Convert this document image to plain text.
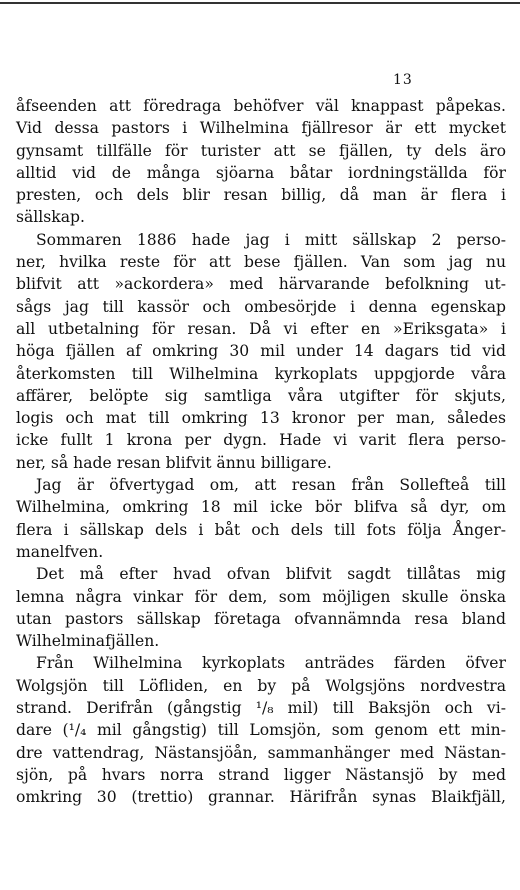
13
åfseenden att föredraga behöfver väl knappast påpekas.
Vid dessa pastors i Wilhelmina fjällresor är ett mycket
gynsamt tillfälle för turister att se fjällen, ty dels äro
alltid vid de många sjöarna båtar iordningställda för
presten, och dels blir resan billig, då man är flera i
sällskap.
Sommaren 1886 hade jag i mitt sällskap 2 perso-
ner, hvilka reste för att bese fjällen. Van som jag nu
blifvit att »ackordera» med härvarande befolkning ut-
sågs jag till kassör och ombesörjde i denna egenskap
all utbetalning för resan. Då vi efter en »Eriksgata» i
höga fjällen af omkring 30 mil under 14 dagars tid vid
återkomsten till Wilhelmina kyrkoplats uppgjorde våra
affärer, belöpte sig samtliga våra utgifter för skjuts,
logis och mat till omkring 13 kronor per man, således
icke fullt 1 krona per dygn. Hade vi varit flera perso-
ner, så hade resan blifvit ännu billigare.
Jag är öfvertygad om, att resan från Sollefteå till
Wilhelmina, omkring 18 mil icke bör blifva så dyr, om
flera i sällskap dels i båt och dels till fots följa Ånger-
manelfven.
Det må efter hvad ofvan blifvit sagdt tillåtas mig
lemna några vinkar för dem, som möjligen skulle önska
utan pastors sällskap företaga ofvannämnda resa bland
Wilhelminafjällen.
Från Wilhelmina kyrkoplats anträdes färden öfver
Wolgsjön till Löfliden, en by på Wolgsjöns nordvestra
strand. Derifrån (gångstig ¹/₈ mil) till Baksjön och vi-
dare (¹/₄ mil gångstig) till Lomsjön, som genom ett min-
dre vattendrag, Nästansjöån, sammanhänger med Nästan-
sjön, på hvars norra strand ligger Nästansjö by med
omkring 30 (trettio) grannar. Härifrån synas Blaikfjäll,
